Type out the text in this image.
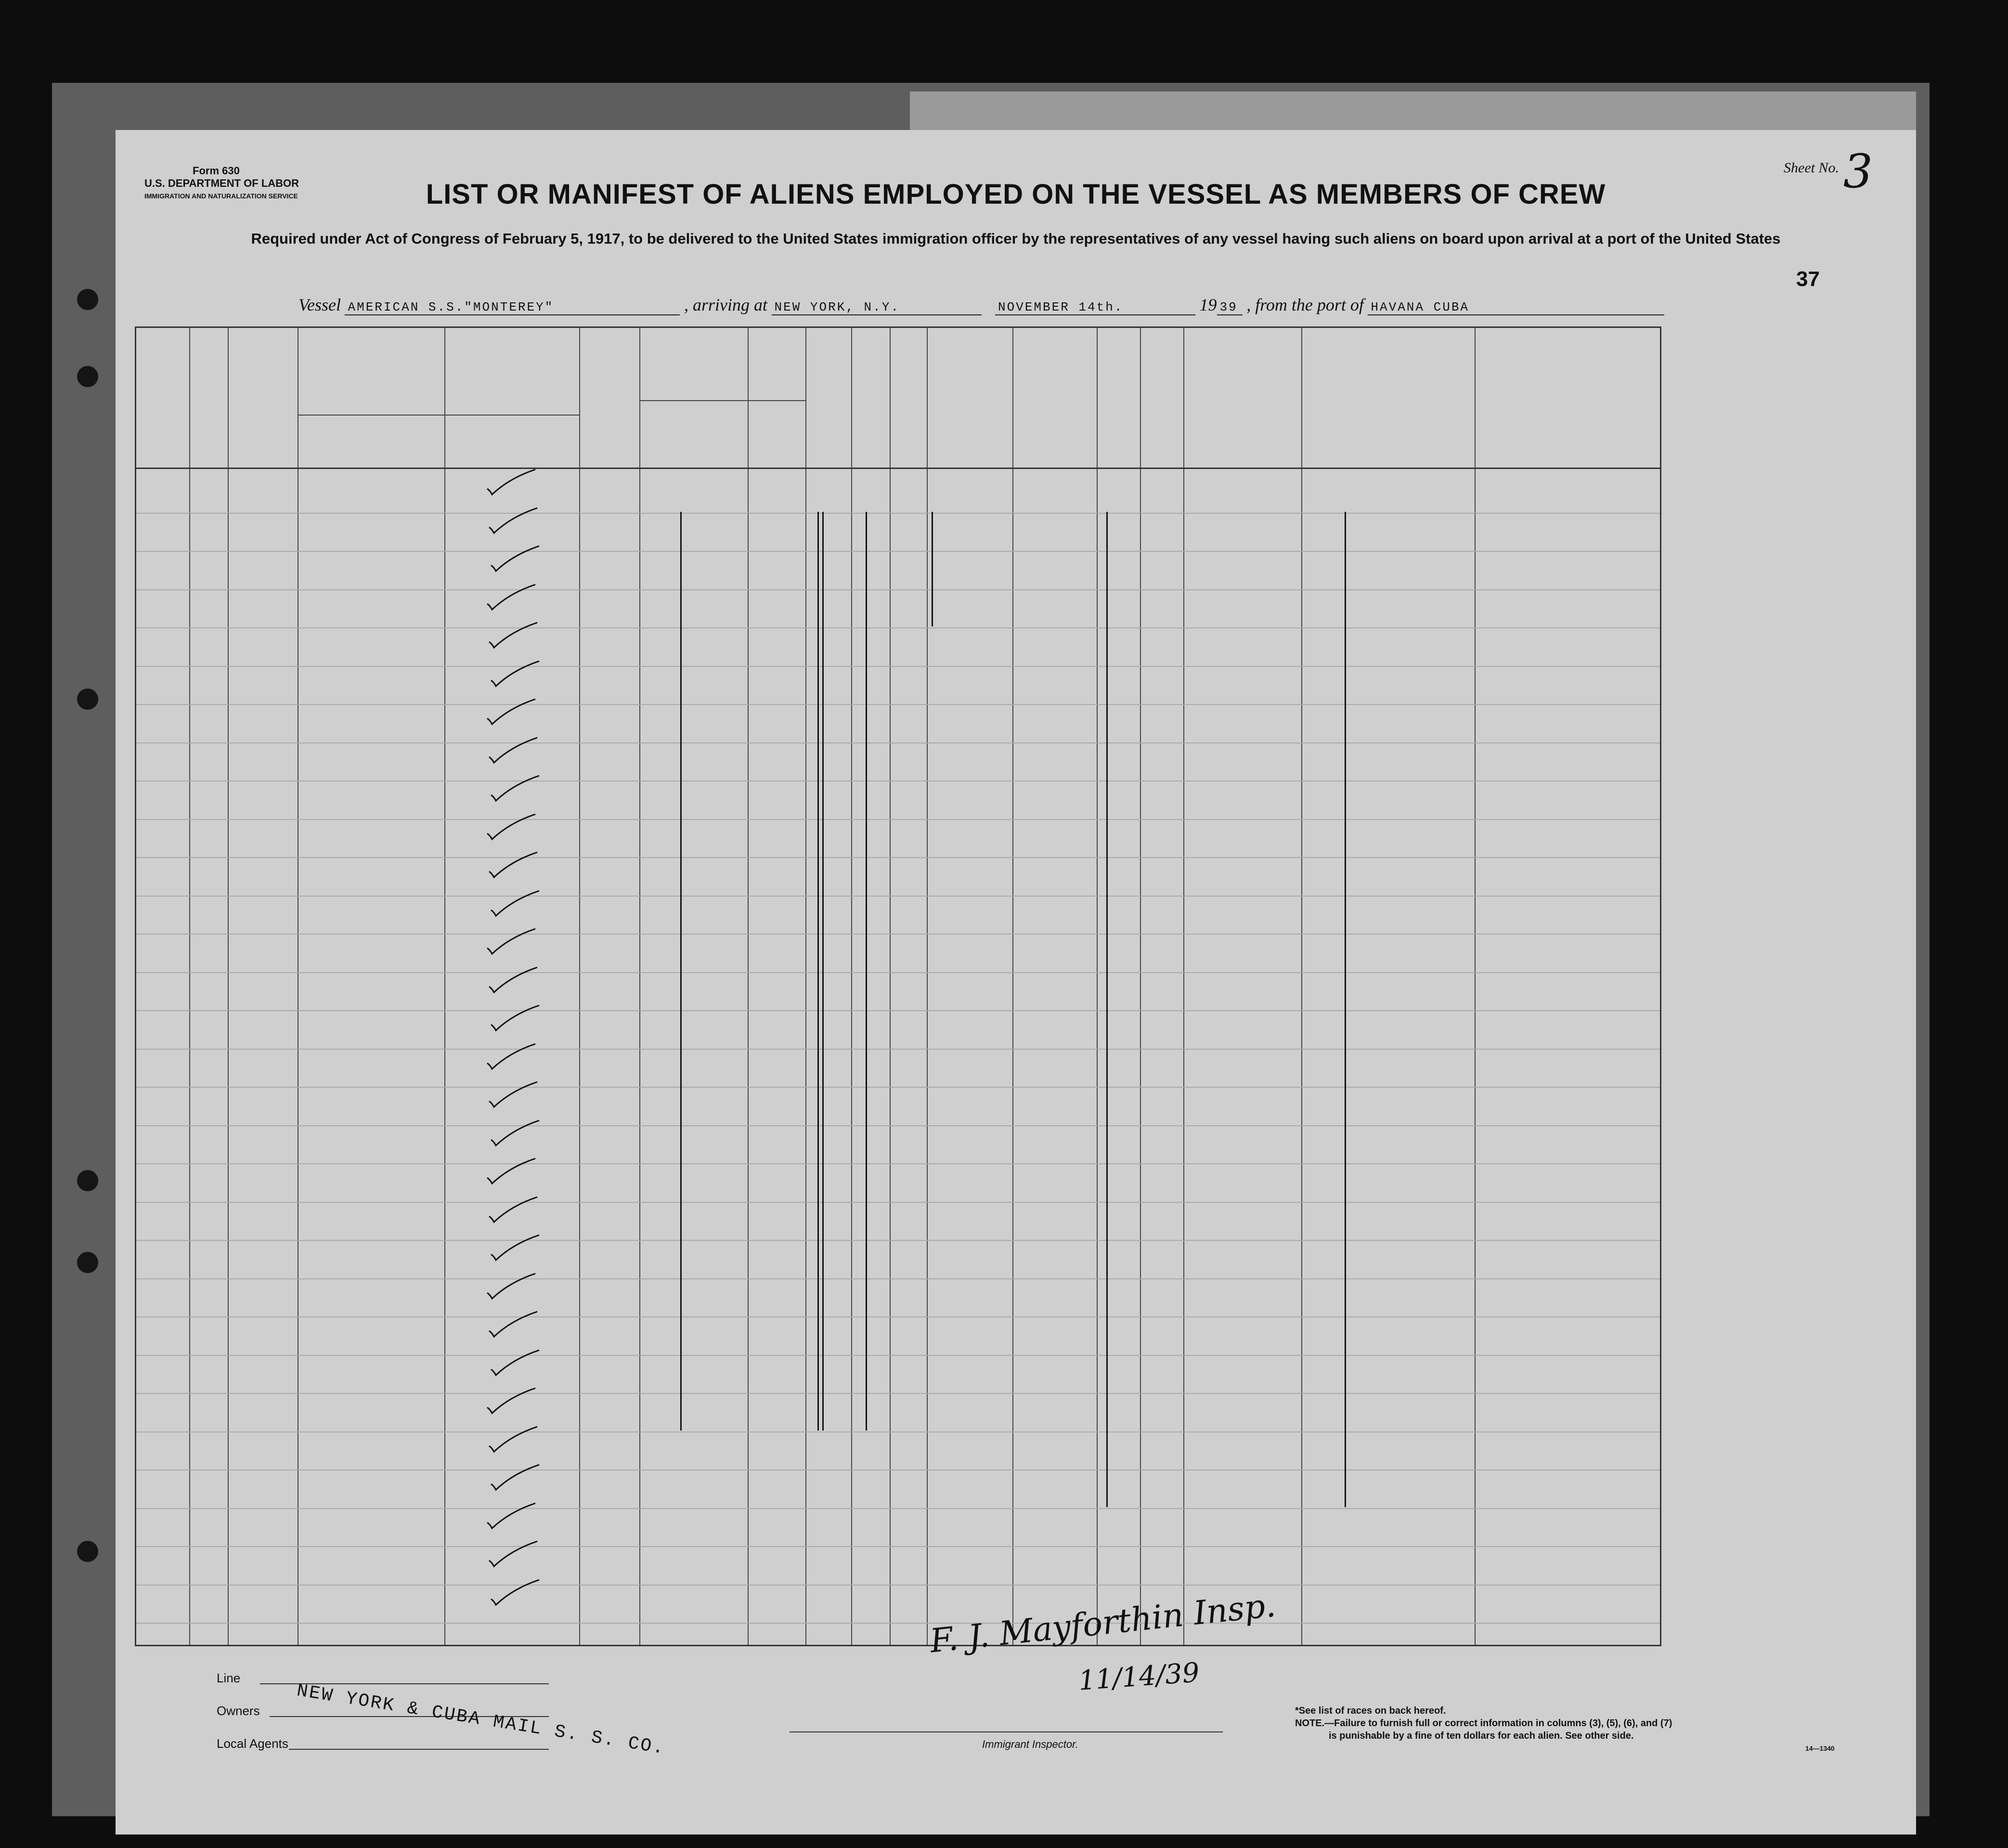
Form 630
U.S. DEPARTMENT OF LABOR
IMMIGRATION AND NATURALIZATION SERVICE
Sheet No. 3
LIST OR MANIFEST OF ALIENS EMPLOYED ON THE VESSEL AS MEMBERS OF CREW
Required under Act of Congress of February 5, 1917, to be delivered to the United States immigration officer by the representatives of any vessel having such aliens on board upon arrival at a port of the United States
37
Vessel AMERICAN S.S."MONTEREY"	, arriving at NEW YORK, N.Y.	NOVEMBER 14th.	19 39 , from the port of HAVANA CUBA
Line
Owners
Local Agents NEW YORK & CUBA MAIL S. S. CO.
F. J. Mayforthin Insp.
11/14/39
Immigrant Inspector.
*See list of races on back hereof.
NOTE.—Failure to furnish full or correct information in columns (3), (5), (6), and (7)
is punishable by a fine of ten dollars for each alien. See other side.
14—1340
